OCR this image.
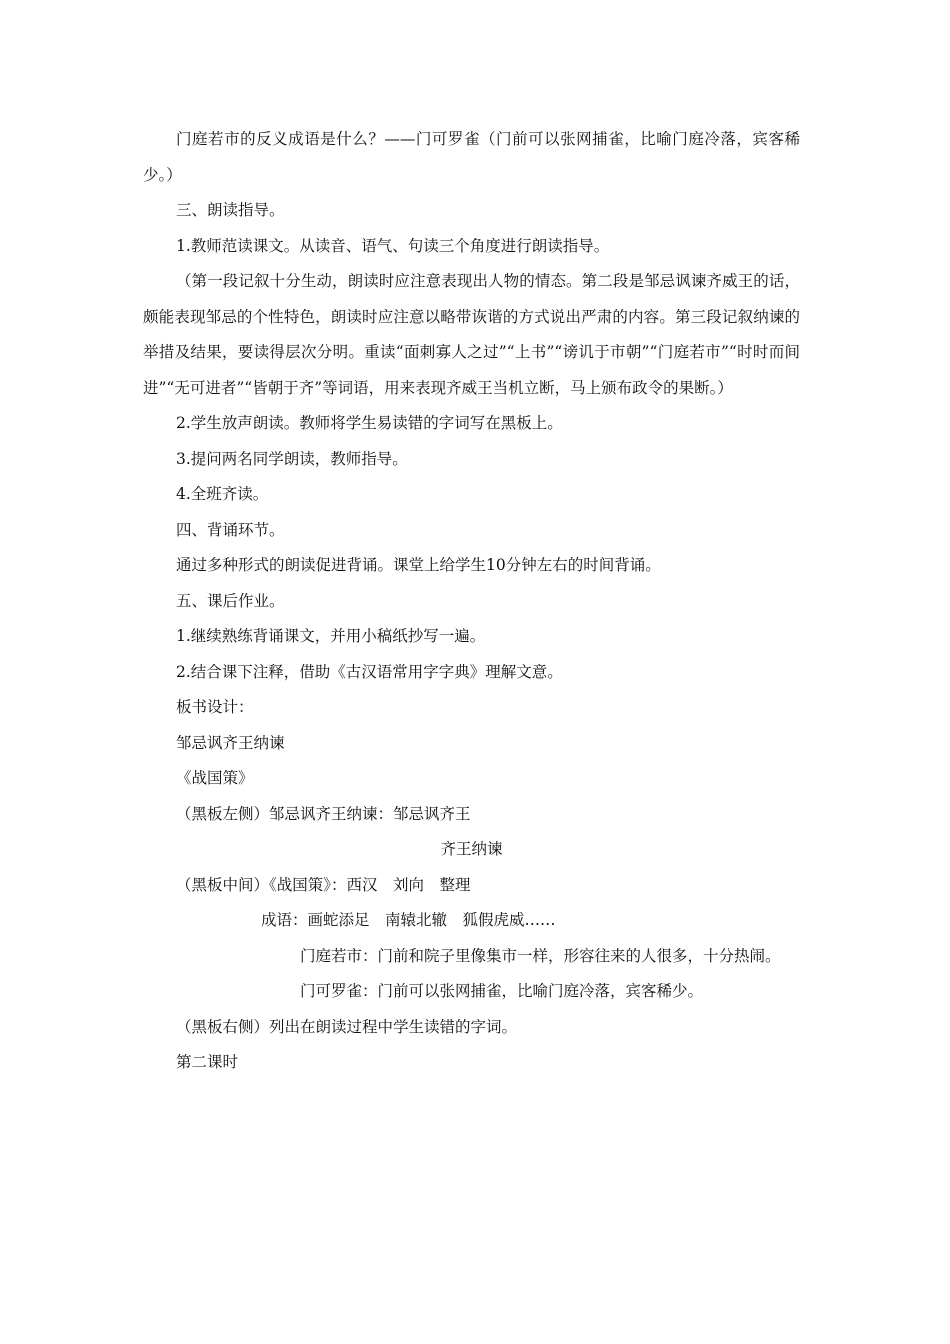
门庭若市的反义成语是什么？——门可罗雀（门前可以张网捕雀，比喻门庭冷落，宾客稀少。）

三、朗读指导。

1.教师范读课文。从读音、语气、句读三个角度进行朗读指导。

（第一段记叙十分生动，朗读时应注意表现出人物的情态。第二段是邹忌讽谏齐威王的话，颇能表现邹忌的个性特色，朗读时应注意以略带诙谐的方式说出严肃的内容。第三段记叙纳谏的举措及结果，要读得层次分明。重读“面刺寡人之过”“上书”“谤讥于市朝”“门庭若市”“时时而间进”“无可进者”“皆朝于齐”等词语，用来表现齐威王当机立断，马上颁布政令的果断。）

2.学生放声朗读。教师将学生易读错的字词写在黑板上。

3.提问两名同学朗读，教师指导。

4.全班齐读。

四、背诵环节。

通过多种形式的朗读促进背诵。课堂上给学生10分钟左右的时间背诵。

五、课后作业。

1.继续熟练背诵课文，并用小稿纸抄写一遍。

2.结合课下注释，借助《古汉语常用字字典》理解文意。

板书设计：

邹忌讽齐王纳谏

《战国策》

（黑板左侧）邹忌讽齐王纳谏：邹忌讽齐王

齐王纳谏

（黑板中间）《战国策》：西汉　刘向　整理

成语：画蛇添足　南辕北辙　狐假虎威……

门庭若市：门前和院子里像集市一样，形容往来的人很多，十分热闹。

门可罗雀：门前可以张网捕雀，比喻门庭冷落，宾客稀少。

（黑板右侧）列出在朗读过程中学生读错的字词。

第二课时
